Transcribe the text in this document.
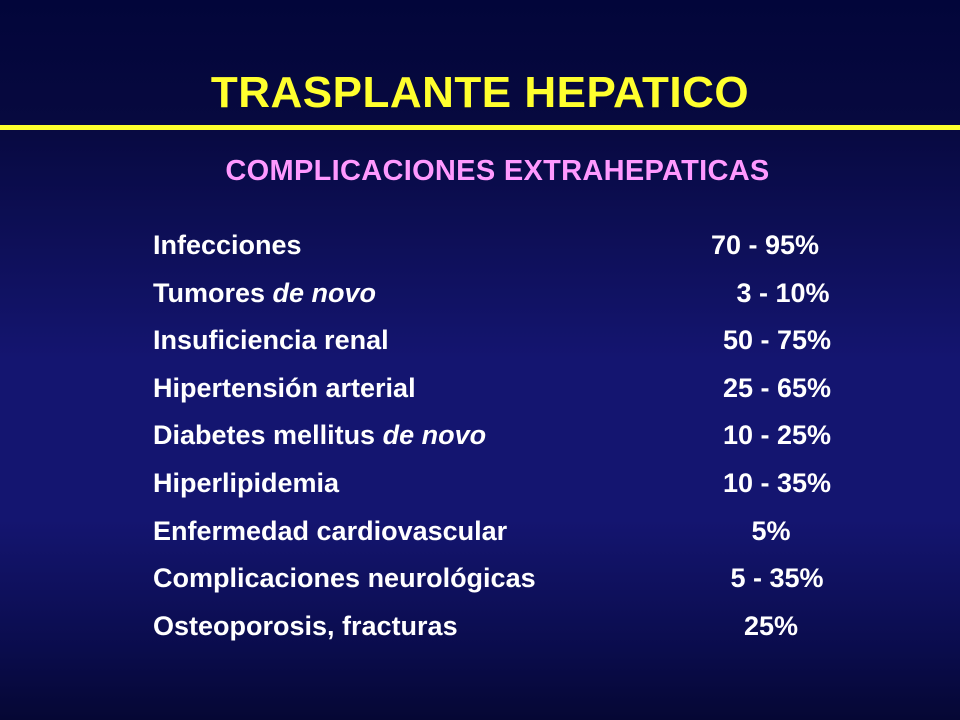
TRASPLANTE HEPATICO
COMPLICACIONES EXTRAHEPATICAS
Infecciones	70 - 95%
Tumores de novo	3 - 10%
Insuficiencia renal	50 - 75%
Hipertensión arterial	25 - 65%
Diabetes mellitus de novo	10 - 25%
Hiperlipidemia	10 - 35%
Enfermedad cardiovascular	5%
Complicaciones neurológicas	5 - 35%
Osteoporosis, fracturas	25%
